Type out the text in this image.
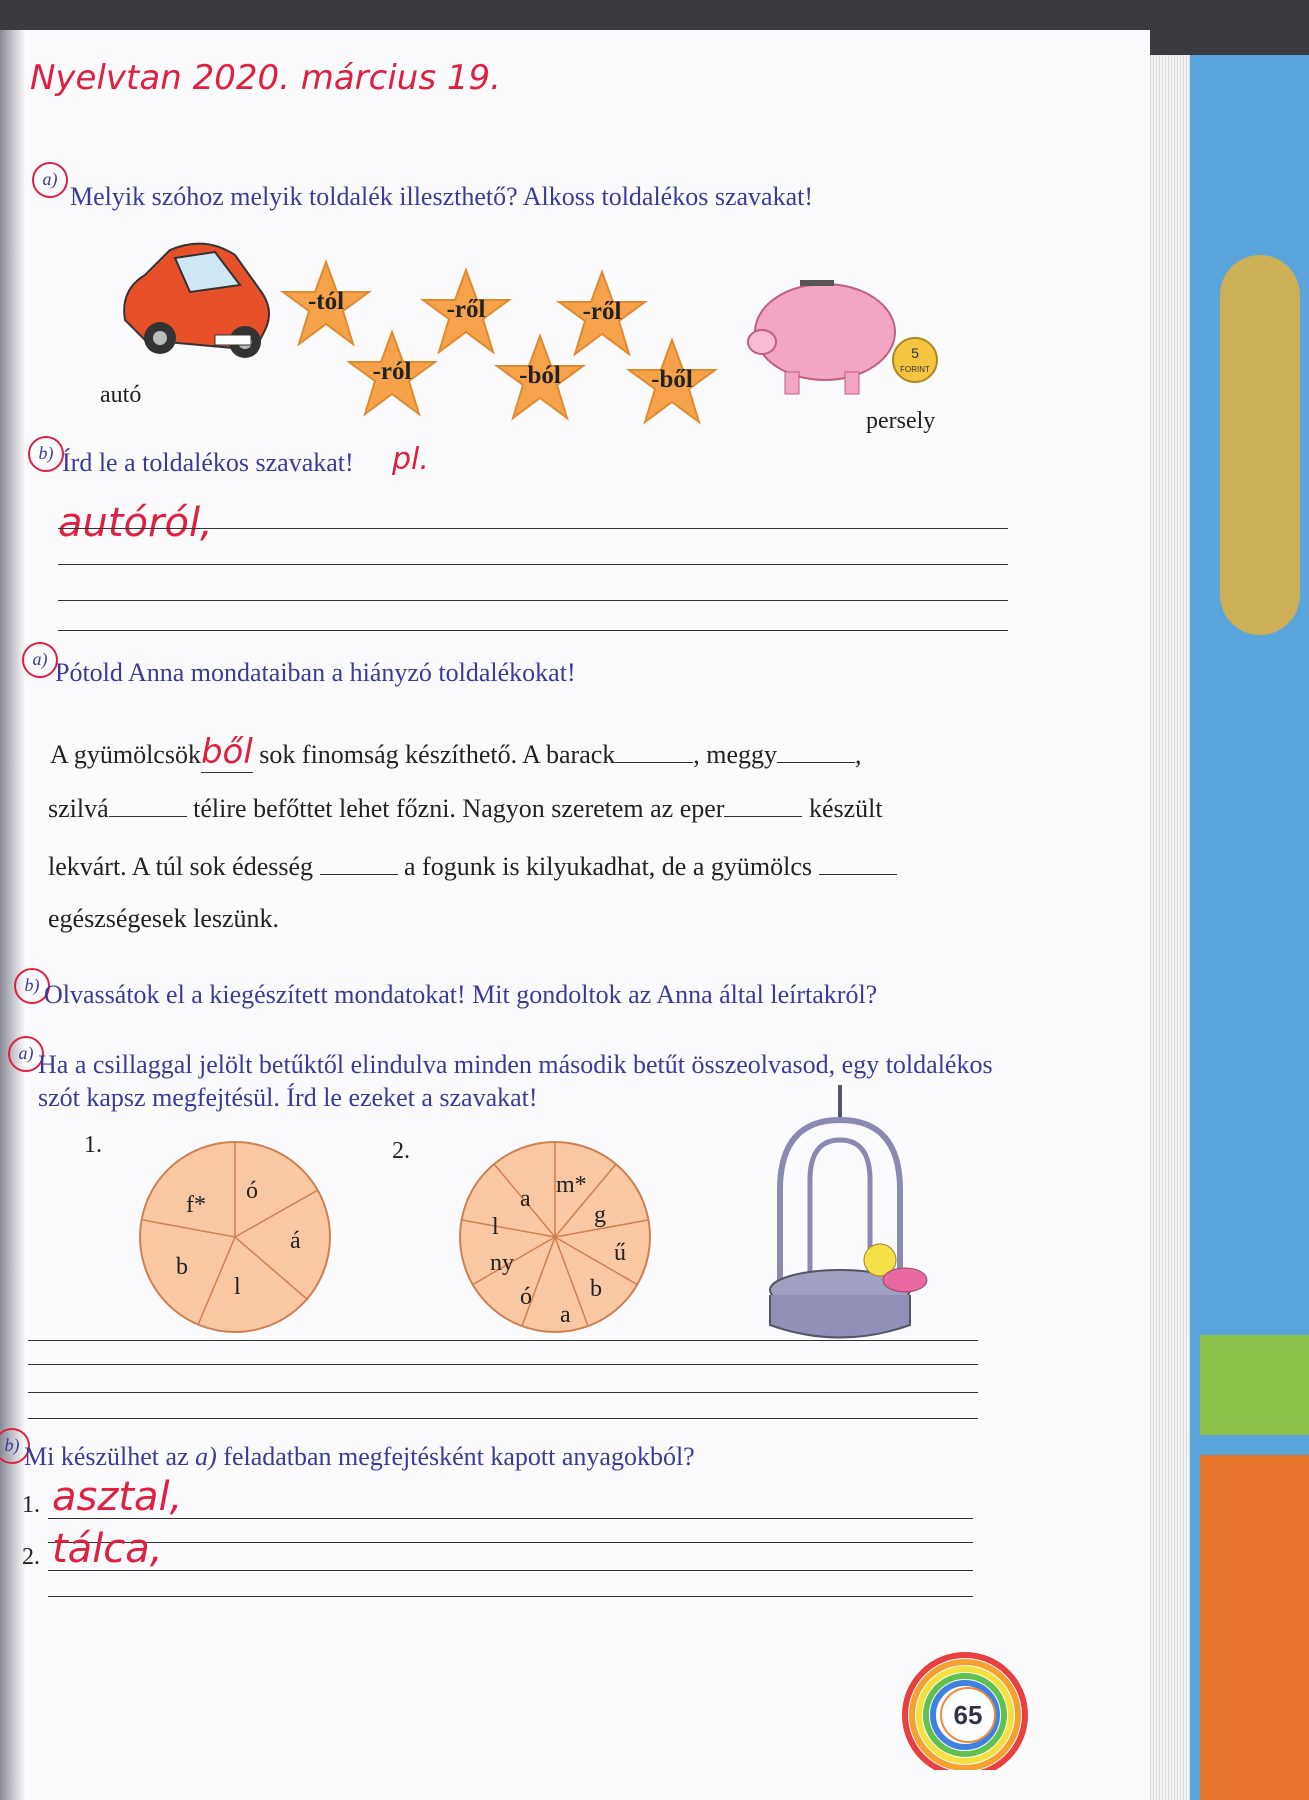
Nyelvtan 2020. március 19.
a)
Melyik szóhoz melyik toldalék illeszthető? Alkoss toldalékos szavakat!
autó
-tól	-ről	-ről
-ról	-ból	-ből
5
FORINT
persely
b) Írd le a toldalékos szavakat! pl.
autóról,
a) Pótold Anna mondataiban a hiányzó toldalékokat!
A gyümölcsökből sok finomság készíthető. A barack	, meggy	,
szilvá	télire befőttet lehet főzni. Nagyon szeretem az eper	készült
lekvárt. A túl sok édesség	a fogunk is kilyukadhat, de a gyümölcs
egészségesek leszünk.
b) Olvassátok el a kiegészített mondatokat! Mit gondoltok az Anna által leírtakról?
a) Ha a csillaggal jelölt betűktől elindulva minden második betűt összeolvasod, egy toldalékos szót kapsz megfejtésül. Írd le ezeket a szavakat!
1.	2.
f*
ó
á
l
b
m*
g
ű
b
a
ó
ny
l
a
b) Mi készülhet az a) feladatban megfejtésként kapott anyagokból?
1. asztal,
2. tálca,
65
